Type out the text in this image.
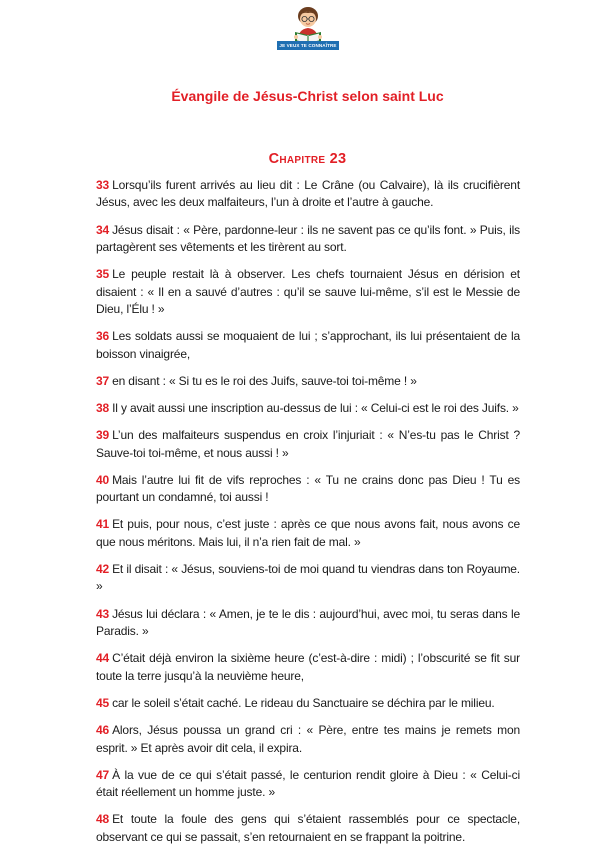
JE VEUX TE CONNAÎTRE
Évangile de Jésus-Christ selon saint Luc
Chapitre 23

33 Lorsqu’ils furent arrivés au lieu dit : Le Crâne (ou Calvaire), là ils crucifièrent Jésus, avec les deux malfaiteurs, l’un à droite et l’autre à gauche.

34 Jésus disait : « Père, pardonne-leur : ils ne savent pas ce qu’ils font. » Puis, ils partagèrent ses vêtements et les tirèrent au sort.

35 Le peuple restait là à observer. Les chefs tournaient Jésus en dérision et disaient : « Il en a sauvé d’autres : qu’il se sauve lui-même, s’il est le Messie de Dieu, l’Élu ! »

36 Les soldats aussi se moquaient de lui ; s’approchant, ils lui présentaient de la boisson vinaigrée,

37 en disant : « Si tu es le roi des Juifs, sauve-toi toi-même ! »

38 Il y avait aussi une inscription au-dessus de lui : « Celui-ci est le roi des Juifs. »

39 L’un des malfaiteurs suspendus en croix l’injuriait : « N’es-tu pas le Christ ? Sauve-toi toi-même, et nous aussi ! »

40 Mais l’autre lui fit de vifs reproches : « Tu ne crains donc pas Dieu ! Tu es pourtant un condamné, toi aussi !

41 Et puis, pour nous, c’est juste : après ce que nous avons fait, nous avons ce que nous méritons. Mais lui, il n’a rien fait de mal. »

42 Et il disait : « Jésus, souviens-toi de moi quand tu viendras dans ton Royaume. »

43 Jésus lui déclara : « Amen, je te le dis : aujourd’hui, avec moi, tu seras dans le Paradis. »

44 C’était déjà environ la sixième heure (c’est-à-dire : midi) ; l’obscurité se fit sur toute la terre jusqu’à la neuvième heure,

45 car le soleil s’était caché. Le rideau du Sanctuaire se déchira par le milieu.

46 Alors, Jésus poussa un grand cri : « Père, entre tes mains je remets mon esprit. » Et après avoir dit cela, il expira.

47 À la vue de ce qui s’était passé, le centurion rendit gloire à Dieu : « Celui-ci était réellement un homme juste. »

48 Et toute la foule des gens qui s’étaient rassemblés pour ce spectacle, observant ce qui se passait, s’en retournaient en se frappant la poitrine.
